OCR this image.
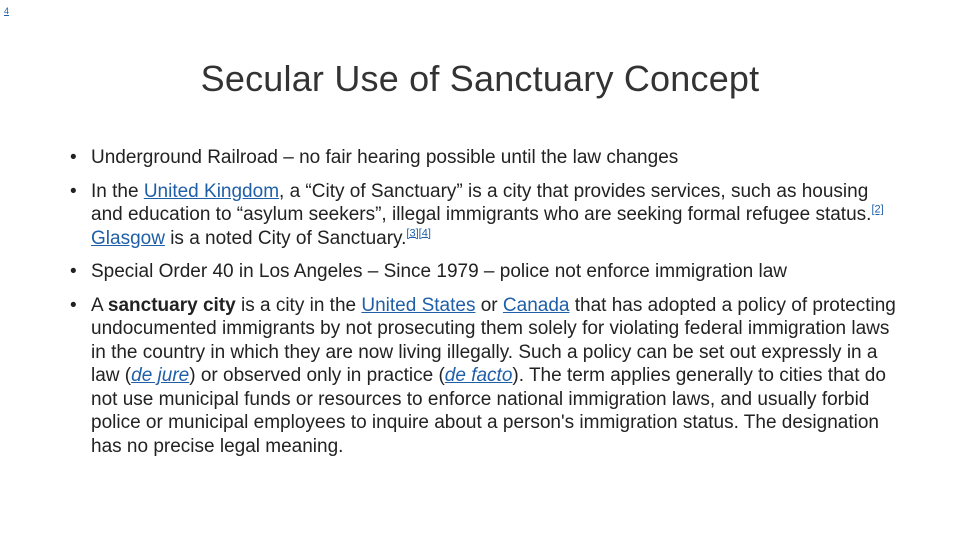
4
Secular Use of Sanctuary Concept
• Underground Railroad – no fair hearing possible until the law changes
• In the United Kingdom, a “City of Sanctuary” is a city that provides services, such as housing and education to “asylum seekers”, illegal immigrants who are seeking formal refugee status.[2] Glasgow is a noted City of Sanctuary.[3][4]
• Special Order 40 in Los Angeles – Since 1979 – police not enforce immigration law
• A sanctuary city is a city in the United States or Canada that has adopted a policy of protecting undocumented immigrants by not prosecuting them solely for violating federal immigration laws in the country in which they are now living illegally. Such a policy can be set out expressly in a law (de jure) or observed only in practice (de facto). The term applies generally to cities that do not use municipal funds or resources to enforce national immigration laws, and usually forbid police or municipal employees to inquire about a person's immigration status. The designation has no precise legal meaning.
